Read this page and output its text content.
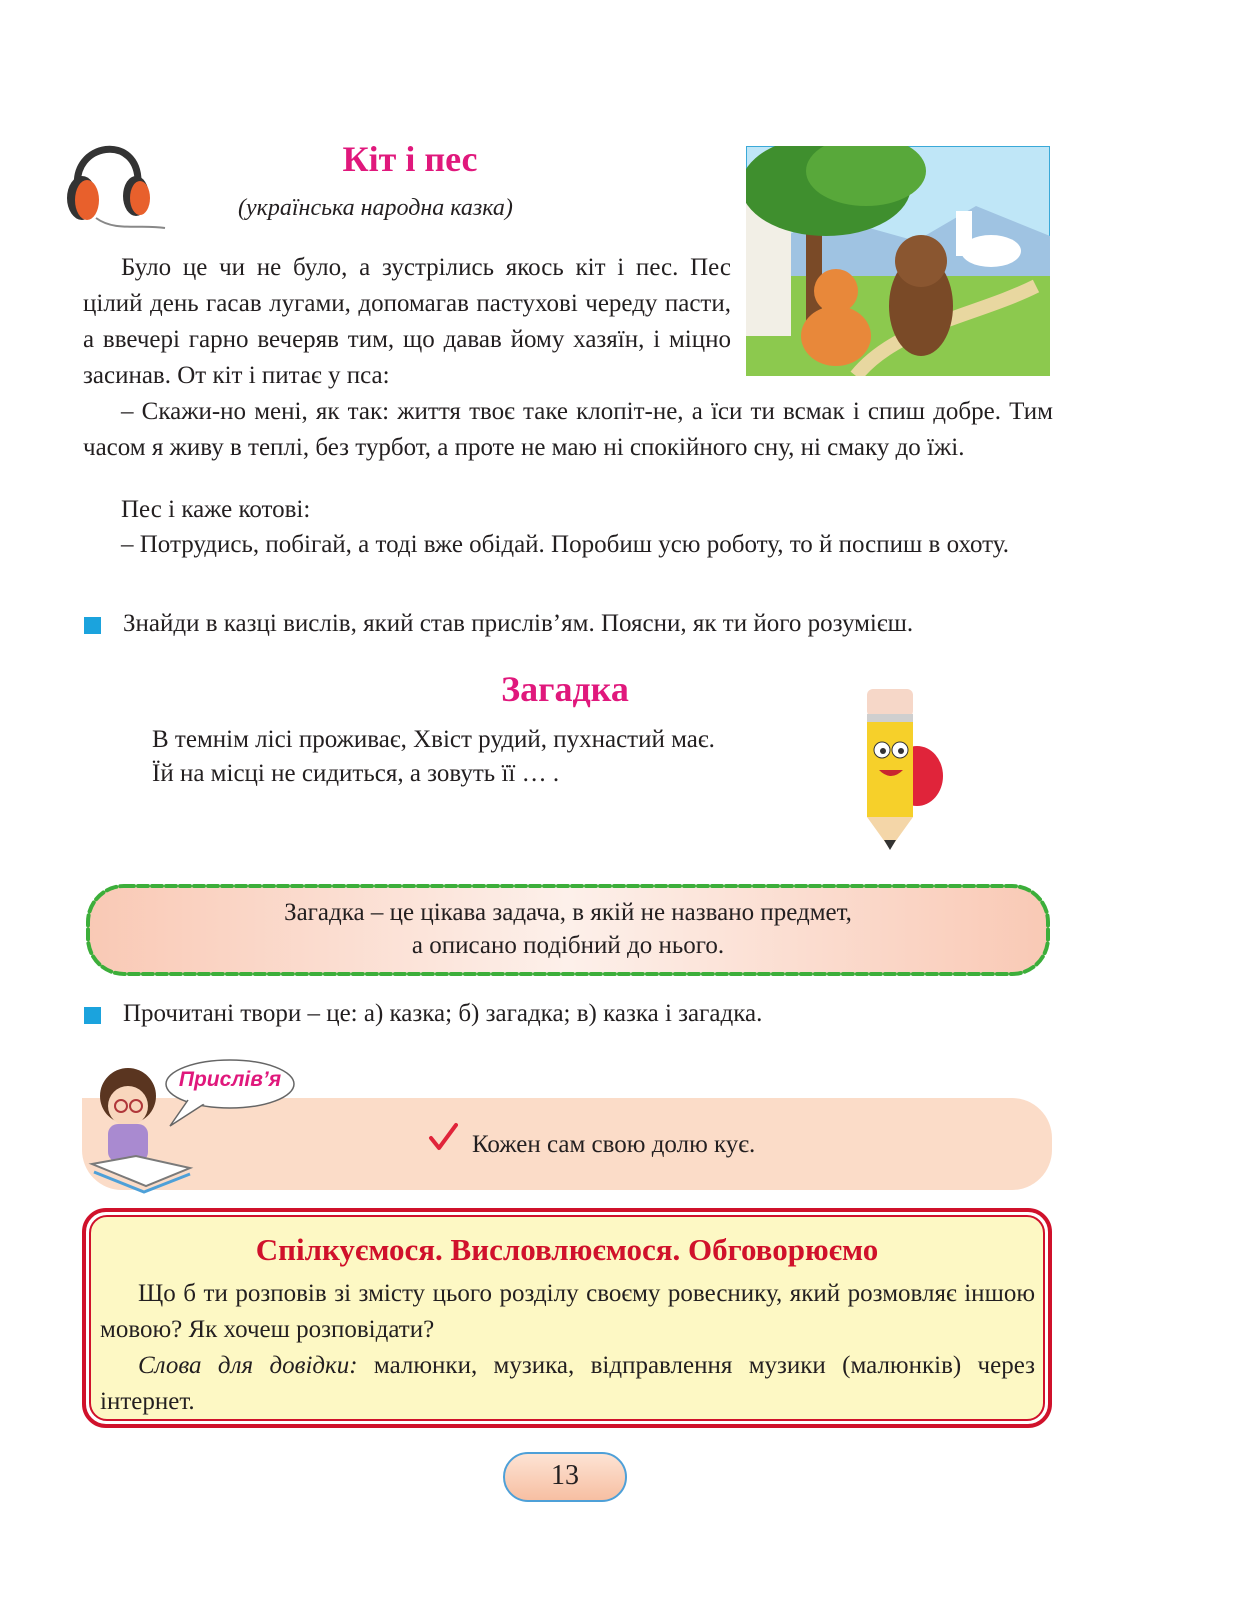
Кіт і пес
(українська народна казка)
Було це чи не було, а зустрілись якось кіт і пес. Пес цілий день гасав лугами, допомагав пастухові череду пасти, а ввечері гарно вечеряв тим, що давав йому хазяїн, і міцно засинав. От кіт і питає у пса:
– Скажи-но мені, як так: життя твоє таке клопіт-не, а їси ти всмак і спиш добре. Тим часом я живу в теплі, без турбот, а проте не маю ні спокійного сну, ні смаку до їжі.
Пес і каже котові:
– Потрудись, побігай, а тоді вже обідай. Поробиш усю роботу, то й поспиш в охоту.
Знайди в казці вислів, який став прислів’ям. Поясни, як ти його розумієш.
Загадка
В темнім лісі проживає, Хвіст рудий, пухнастий має.
Їй на місці не сидиться, а зовуть її … .
Загадка – це цікава задача, в якій не названо предмет,
а описано подібний до нього.
Прочитані твори – це: а) казка; б) загадка; в) казка і загадка.
Прислів’я
Кожен сам свою долю кує.
Спілкуємося. Висловлюємося. Обговорюємо
Що б ти розповів зі змісту цього розділу своєму ровеснику, який розмовляє іншою мовою? Як хочеш розповідати?
Слова для довідки: малюнки, музика, відправлення музики (малюнків) через інтернет.
13
